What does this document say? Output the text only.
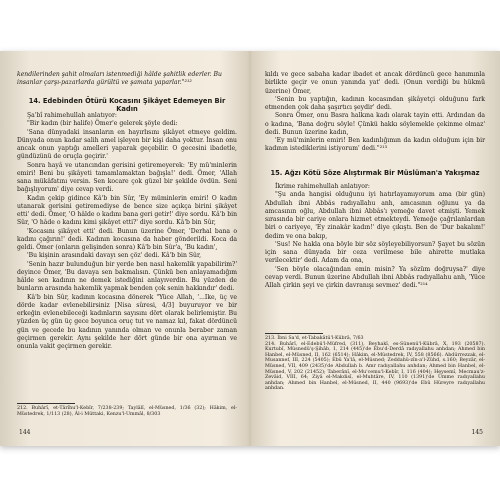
kendilerinden şahit olmaları istenmediği hâlde şahitlik ederler. Bu

insanlar çarşı-pazarlarda gürültü ve şamata yaparlar."²¹²

14. Edebinden Ötürü Kocasını Şikâyet Edemeyen Bir Kadın

Şa'bî rahimehullah anlatıyor:

"Bir kadın (bir halife) Ömer'e gelerek şöyle dedi:

'Sana dünyadaki insanların en hayırlısını şikâyet etmeye geldim. Dünyada onun kadar salih amel işleyen bir kişi daha yoktur. İnsan onu ancak onun yaptığı amelleri yaparak geçebilir. O gecesini ibadetle, gündüzünü de oruçla geçirir.'

Sonra hayâ ve utancından gerisini getiremeyerek: 'Ey mü'minlerin emiri! Beni bu şikâyeti tamamlamaktan bağışla!' dedi. Ömer, 'Allah sana mükâfatını versin. Sen kocare çok güzel bir şekilde övdün. Seni bağışlıyorum' diye cevap verdi.

Kadın çekip gidince Kâ'b bin Sûr, 'Ey müminlerin emiri! O kadın utanarak gerisini getiremediyse de bence size açıkça birini şikâyet etti' dedi. Ömer, 'O hâlde o kadını bana geri getir!' diye sordu. Kâ'b bin Sûr, 'O hâde o kadını kimi şikâyet etti?' diye sordu. Kâ'b bin Sûr,

'Kocasını şikâyet etti' dedi. Bunun üzerine Ömer, 'Derhal bana o kadını çağırın!' dedi. Kadının kocasına da haber gönderildi. Koca da geldi. Ömer (onların gelişinden sonra) Kâ'b bin Sûr'a, 'Bu kadın',

'Bu kişinin arasındaki davayı sen çöz' dedi. Kâ'b bin Sûr,

'Senin hazır bulunduğun bir yerde ben nasıl hakemlik yapabilirim?' deyince Ömer, 'Bu davaya sen bakmalısın. Çünkü ben anlayamadığım hâlde sen kadının ne demek istediğini anlayıverdin. Bu yüzden de bunların arasında hakemlik yapmak benden çok senin hakkındır' dedi.

Kâ'b bin Sûr, kadının kocasına dönerek "Yüce Allah, '...Ike, üç ve dörde kadar evlenebilirsiniz [Nisa sûresi, 4/3] buyuruyor ve bir erkeğin evlenebileceği kadınların sayısını dört olarak belirlemiştir. Bu yüzden üç gün üç gece boyunca oruç tut ve namaz kıl, fakat dördüncü gün ve gecede bu kadının yanında olman ve onunla beraber zaman geçirmen gerekir. Aynı şekilde her dört günde bir ona ayırman ve onunla vakit geçirmen gerekir.

212. Buhârî, et-Târîhu'l-Kebîr, 7/238-239; Taylâlî, el-Müsned, 1/36 (32); Hâkim, el-Müstedrek, 1/113 (28), Âl-i Müttaki, Kenzu'l-Ummâl, 8/303

144

kıldı ve gece sabaha kadar ibadet et ancak dördüncü gece hanımınla birlikte geçir ve onun yanında yat' dedi. (Onun verdiği bu hükmü üzerine) Ömer,

'Senin bu yaptığın, kadının kocasından şikâyetçi olduğunu fark etmenden çok daha şaşırtıcı şeydir' dedi.

Sonra Ömer, onu Basra halkına kadı olarak tayin etti. Ardından da o kadına, 'Bana doğru söyle! Çünkü hakkı söylemekle çekinme olmaz' dedi. Bunun üzerine kadın,

'Ey mü'minlerin emiri! Ben kadınlığımın da kadın olduğum için bir kadının istediklerini istiyorum' dedi."²¹³

15. Ağzı Kötü Söze Alıştırmak Bir Müslüman'a Yakışmaz

İkrime rahimehullah anlatıyor:

"Şu anda hangisi olduğunu iyi hatırlayamıyorum ama (bir gün) Abdullah ibni Abbâs radıyallahu anh, amcasının oğlunu ya da amcasının oğlu, Abdullah ibni Abbâs'ı yemeğe davet etmişti. Yemek sırasında bir cariye onlara hizmet etmekteydi. Yemeğe çağrılanlardan biri o cariyeye, 'Ey zinakâr kadın!' diye çıkıştı. Ben de 'Dur bakalım!' dedim ve ona bakıp,

'Sus! Ne hakla ona böyle bir söz söyleyebiliyorsun? Şayet bu sözün için sana dünyada bir ceza verilmese bile ahirette mutlaka verilecektir' dedi. Adam da ona,

'Sen böyle olacağından emin misin? Ya sözüm doğruysa?' diye cevap verdi. Bunun üzerine Abdullah ibni Abbâs radıyallahu anh, 'Yüce Allah çirkin şeyi ve çirkin davranışı sevmez' dedi."²¹⁴

213. İbni Sa'd, et-Tabakâtü'l-Kübrâ, 7/63

214. Buhârî, el-Edebü'l-Müfred, (311), Beyhakî, es-Sünenü'l-Kübrâ, X, 193 (20587). Kurtubî, Müsnedü'ş-Şihâb, 1, 214 (445)'de Ebu'd-Derdâ radıyallahu anhdan; Ahmed bin Hanbel, el-Müsned, II, 162 (6514); Hâkim, el-Müstedrek, IV, 558 (8566). Abdürrezzak, el-Musannef, III, 224 (5405); Ebû Ya'lâ, el-Müsned; Zeddahü-zîn-a'l-Zühd, s.160; Beyzâr, el-Müsned, VII, 409 (2435)'de Abdullah b. Amr radıyallahu anhdan; Ahmed bin Hanbel, el-Müsned, V, 202 (21452); Taberânî, el-Mu'cemu'l-Kebîr, I, 116 (404); Heysemî, Mecmau'z-Zevâid, VIII, 64; Ziyâ el-Makdisî, el-Muhtâre, IV, 110 (1391)'de Ümme radıyallahu anhdan; Ahmed bin Hanbel, el-Müsned, II, 440 (9693)'de Ebû Hüreyre radıyallahu anhdan.

145
